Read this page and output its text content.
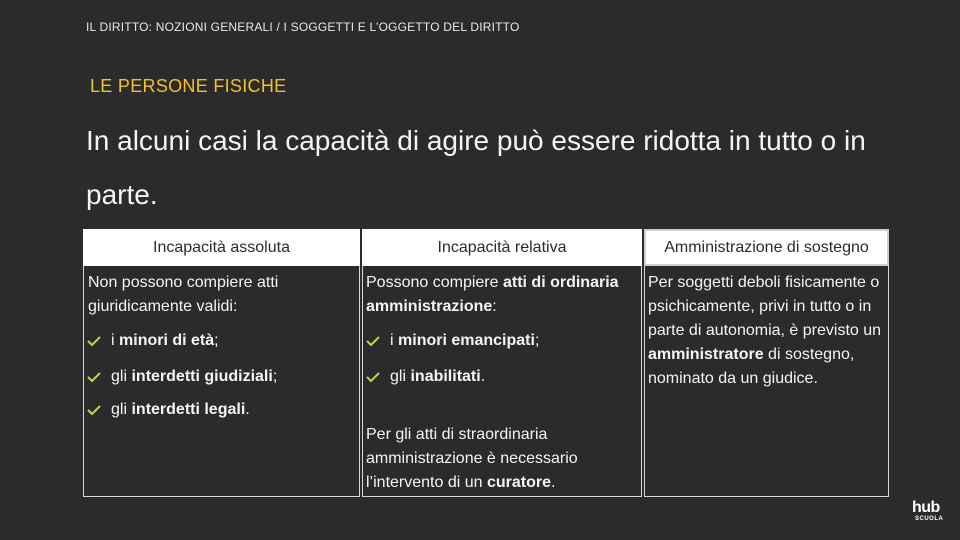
IL DIRITTO: NOZIONI GENERALI / I SOGGETTI E L’OGGETTO DEL DIRITTO
LE PERSONE FISICHE
In alcuni casi la capacità di agire può essere ridotta in tutto o in parte.
Incapacità assoluta
Non possono compiere atti giuridicamente validi:
i
minori di età ;
gli
interdetti giudiziali ;
gli
interdetti legali .
Incapacità relativa
Possono compiere atti di ordinaria amministrazione:
i
minori emancipati ;
gli
inabilitati .
Per gli atti di straordinaria amministrazione è necessario l’intervento di un curatore.
Amministrazione di sostegno
Per soggetti deboli fisicamente o psichicamente, privi in tutto o in parte di autonomia, è previsto un amministratore di sostegno, nominato da un giudice.
hub
SCUOLA
